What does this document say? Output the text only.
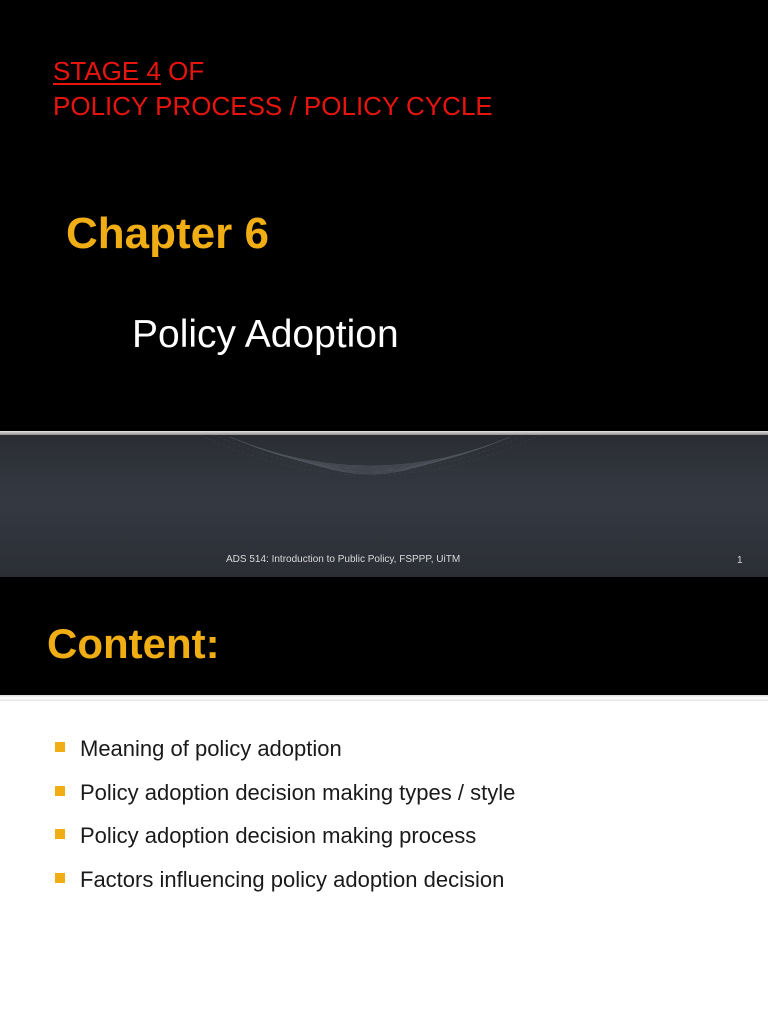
STAGE 4 OF
POLICY PROCESS / POLICY CYCLE
Chapter 6
Policy Adoption
ADS 514: Introduction to Public Policy, FSPPP, UiTM	1
Content:
Meaning of policy adoption
Policy adoption decision making types / style
Policy adoption decision making process
Factors influencing policy adoption decision
